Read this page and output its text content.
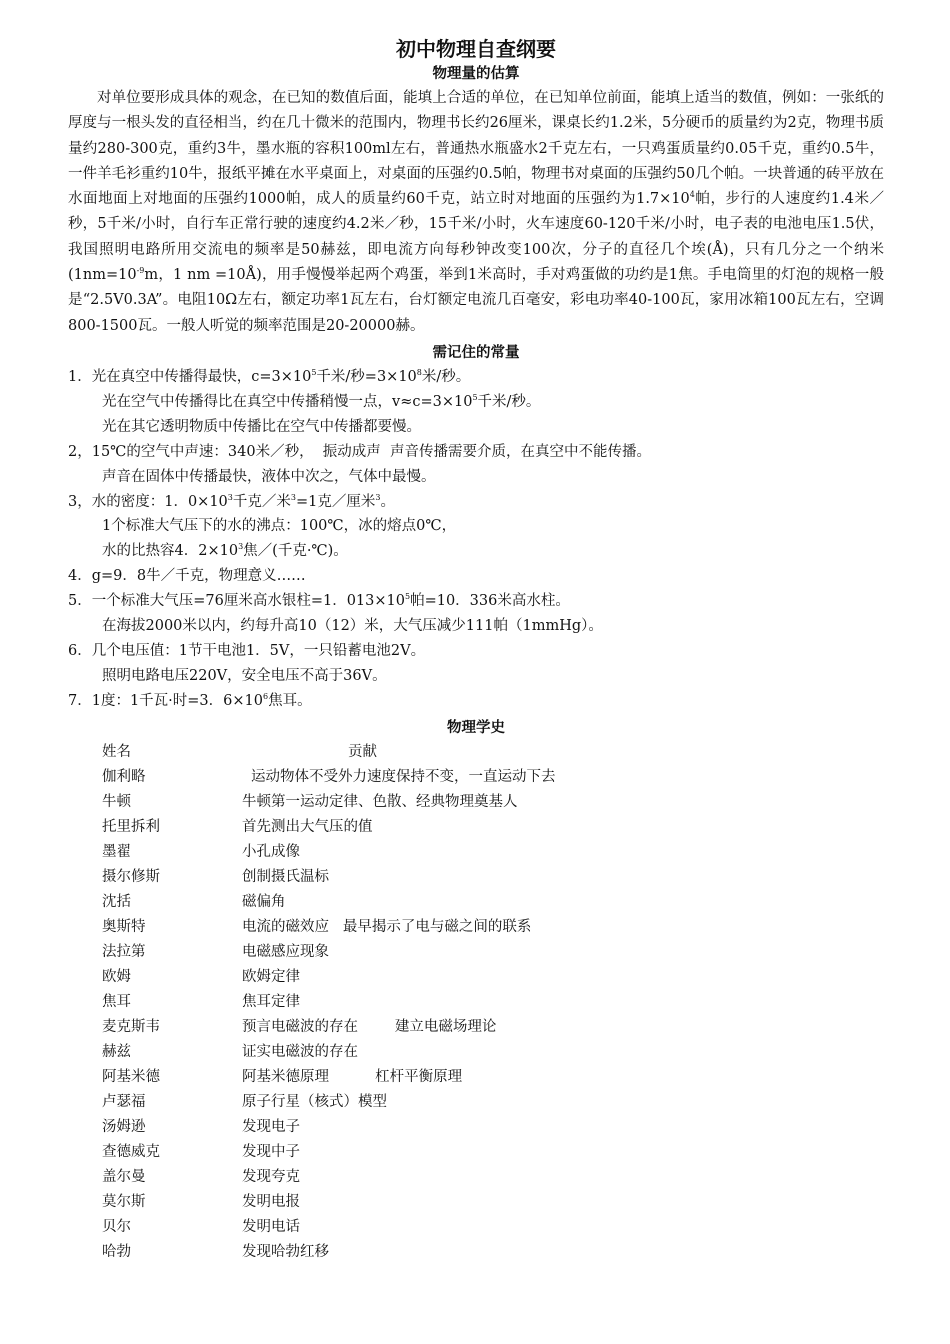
初中物理自查纲要
物理量的估算

对单位要形成具体的观念，在已知的数值后面，能填上合适的单位，在已知单位前面，能填上适当的数值，例如：一张纸的厚度与一根头发的直径相当，约在几十微米的范围内，物理书长约26厘米，课桌长约1.2米，5分硬币的质量约为2克，物理书质量约280-300克，重约3牛，墨水瓶的容积100ml左右，普通热水瓶盛水2千克左右，一只鸡蛋质量约0.05千克，重约0.5牛，一件羊毛衫重约10牛，报纸平摊在水平桌面上，对桌面的压强约0.5帕，物理书对桌面的压强约50几个帕。一块普通的砖平放在水面地面上对地面的压强约1000帕，成人的质量约60千克，站立时对地面的压强约为$1.7\times 10^4$帕，步行的人速度约1.4米／秒，5千米/小时，自行车正常行驶的速度约4.2米／秒，15千米/小时，火车速度60-120千米/小时，电子表的电池电压1.5伏，我国照明电路所用交流电的频率是50赫兹，即电流方向每秒钟改变100次，分子的直径几个埃(Å)，只有几分之一个纳米($1nm=10^{-9}m$，1 nm =10Å)，用手慢慢举起两个鸡蛋，举到1米高时，手对鸡蛋做的功约是1焦。手电筒里的灯泡的规格一般是“2.5V0.3A”。电阻10Ω左右，额定功率1瓦左右，台灯额定电流几百毫安，彩电功率40-100瓦，家用冰箱100瓦左右，空调800-1500瓦。一般人听觉的频率范围是20-20000赫。

需记住的常量
1．光在真空中传播得最快，$c=3\times 10^5$千米/秒$=3\times 10^8$米/秒。
光在空气中传播得比在真空中传播稍慢一点，$v\approx c=3\times 10^5$千米/秒。
光在其它透明物质中传播比在空气中传播都要慢。
2，15℃的空气中声速：340米／秒，  振动成声  声音传播需要介质，在真空中不能传播。
声音在固体中传播最快，液体中次之，气体中最慢。
3，水的密度：1．$0\times 10^3$千克／米$^3$=1克／厘米$^3$。
1个标准大气压下的水的沸点：100℃，冰的熔点0℃，
水的比热容4．$2\times 10^3$焦／(千克·℃)。
4．g=9．8牛／千克，物理意义……
5．一个标准大气压=76厘米高水银柱=1．$013\times 10^5$帕=10．336米高水柱。
在海拔2000米以内，约每升高10（12）米，大气压减少111帕（1mmHg）。
6．几个电压值：1节干电池1．5V，一只铅蓄电池2V。
照明电路电压220V，安全电压不高于36V。
7．1度：1千瓦·时=3．$6\times 10^6$焦耳。
物理学史
姓名	贡献
伽利略	运动物体不受外力速度保持不变，一直运动下去
牛顿	牛顿第一运动定律、色散、经典物理奠基人
托里拆利	首先测出大气压的值
墨翟	小孔成像
摄尔修斯	创制摄氏温标
沈括	磁偏角
奥斯特	电流的磁效应   最早揭示了电与磁之间的联系
法拉第	电磁感应现象
欧姆	欧姆定律
焦耳	焦耳定律
麦克斯韦	预言电磁波的存在        建立电磁场理论
赫兹	证实电磁波的存在
阿基米德	阿基米德原理          杠杆平衡原理
卢瑟福	原子行星（核式）模型
汤姆逊	发现电子
查德威克	发现中子
盖尔曼	发现夸克
莫尔斯	发明电报
贝尔	发明电话
哈勃	发现哈勃红移
